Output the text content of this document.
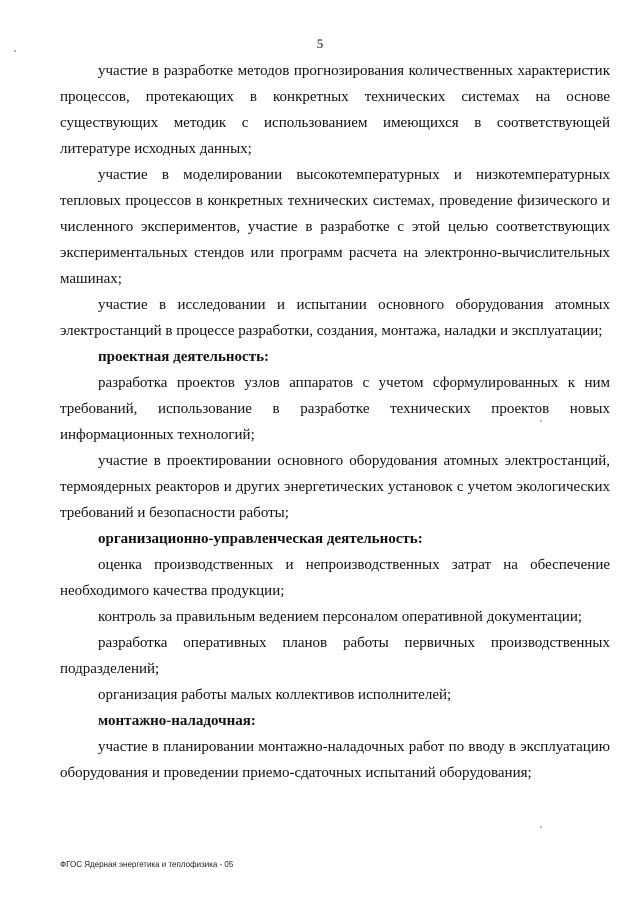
5

участие в разработке методов прогнозирования количественных характеристик процессов, протекающих в конкретных технических системах на основе существующих методик с использованием имеющихся в соответствующей литературе исходных данных;

участие в моделировании высокотемпературных и низкотемпературных тепловых процессов в конкретных технических системах, проведение физического и численного экспериментов, участие в разработке с этой целью соответствующих экспериментальных стендов или программ расчета на электронно-вычислительных машинах;

участие в исследовании и испытании основного оборудования атомных электростанций в процессе разработки, создания, монтажа, наладки и эксплуатации;

проектная деятельность:

разработка проектов узлов аппаратов с учетом сформулированных к ним требований, использование в разработке технических проектов новых информационных технологий;

участие в проектировании основного оборудования атомных электростанций, термоядерных реакторов и других энергетических установок с учетом экологических требований и безопасности работы;

организационно-управленческая деятельность:

оценка производственных и непроизводственных затрат на обеспечение необходимого качества продукции;

контроль за правильным ведением персоналом оперативной документации;

разработка оперативных планов работы первичных производственных подразделений;

организация работы малых коллективов исполнителей;

монтажно-наладочная:

участие в планировании монтажно-наладочных работ по вводу в эксплуатацию оборудования и проведении приемо-сдаточных испытаний оборудования;

ФГОС Ядерная энергетика и теплофизика - 05
